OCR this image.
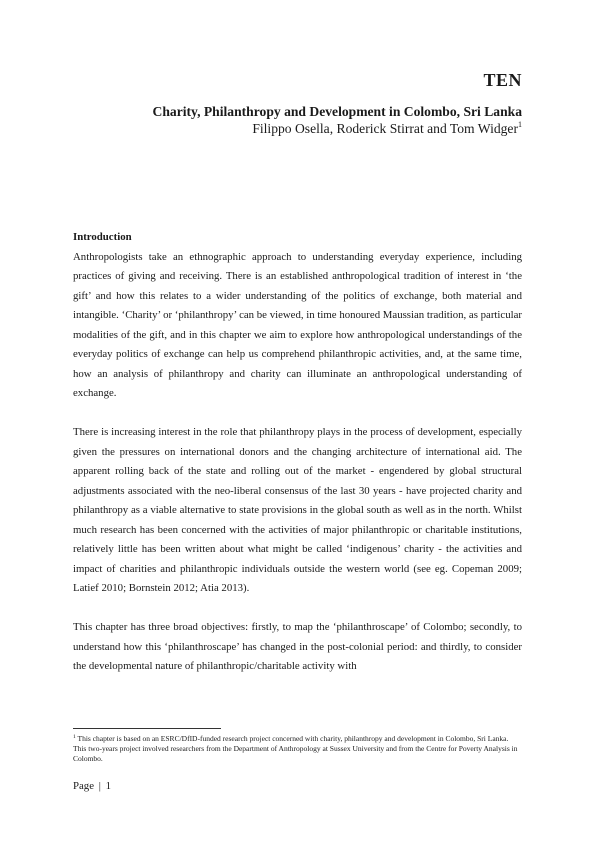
TEN
Charity, Philanthropy and Development in Colombo, Sri Lanka
Filippo Osella, Roderick Stirrat and Tom Widger$^1$

Introduction

Anthropologists take an ethnographic approach to understanding everyday experience, including practices of giving and receiving. There is an established anthropological tradition of interest in ‘the gift’ and how this relates to a wider understanding of the politics of exchange, both material and intangible. ‘Charity’ or ‘philanthropy’ can be viewed, in time honoured Maussian tradition, as particular modalities of the gift, and in this chapter we aim to explore how anthropological understandings of the everyday politics of exchange can help us comprehend philanthropic activities, and, at the same time, how an analysis of philanthropy and charity can illuminate an anthropological understanding of exchange.

There is increasing interest in the role that philanthropy plays in the process of development, especially given the pressures on international donors and the changing architecture of international aid. The apparent rolling back of the state and rolling out of the market - engendered by global structural adjustments associated with the neo-liberal consensus of the last 30 years - have projected charity and philanthropy as a viable alternative to state provisions in the global south as well as in the north. Whilst much research has been concerned with the activities of major philanthropic or charitable institutions, relatively little has been written about what might be called ‘indigenous’ charity - the activities and impact of charities and philanthropic individuals outside the western world (see eg. Copeman 2009; Latief 2010; Bornstein 2012; Atia 2013).

This chapter has three broad objectives: firstly, to map the ‘philanthroscape’ of Colombo; secondly, to understand how this ‘philanthroscape’ has changed in the post-colonial period: and thirdly, to consider the developmental nature of philanthropic/charitable activity with

$^1$ This chapter is based on an ESRC/DfID-funded research project concerned with charity, philanthropy and development in Colombo, Sri Lanka. This two-years project involved researchers from the Department of Anthropology at Sussex University and from the Centre for Poverty Analysis in Colombo.
Page | 1
